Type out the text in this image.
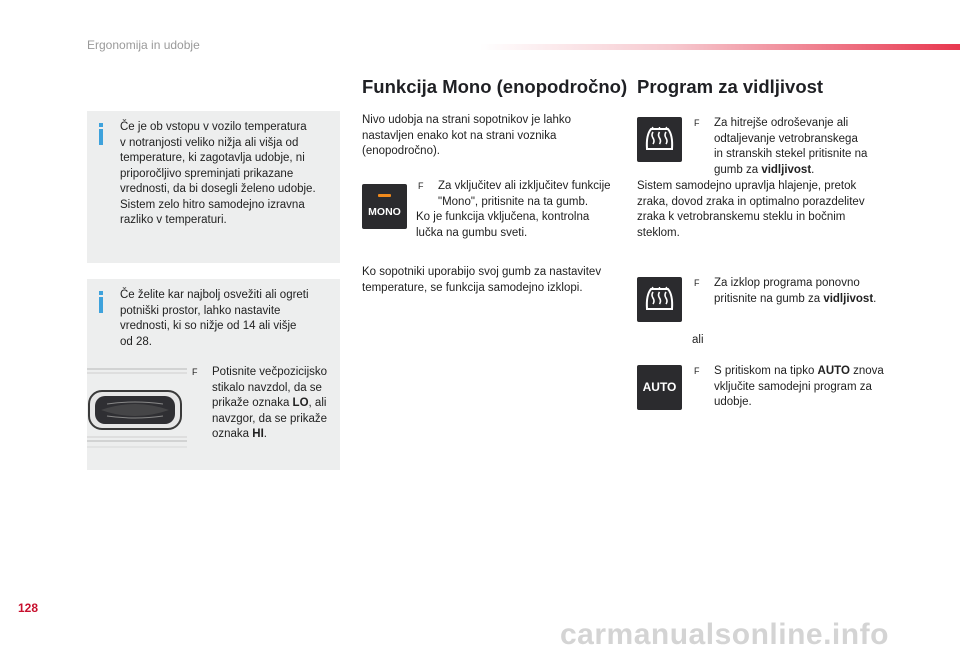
Ergonomija in udobje
Če je ob vstopu v vozilo temperatura
v notranjosti veliko nižja ali višja od
temperature, ki zagotavlja udobje, ni
priporočljivo spreminjati prikazane
vrednosti, da bi dosegli želeno udobje.
Sistem zelo hitro samodejno izravna
razliko v temperaturi.
Če želite kar najbolj osvežiti ali ogreti
potniški prostor, lahko nastavite
vrednosti, ki so nižje od 14 ali višje
od 28.
F Potisnite večpozicijsko
stikalo navzdol, da se
prikaže oznaka LO, ali
navzgor, da se prikaže
oznaka HI.
Funkcija Mono (enopodročno)
Nivo udobja na strani sopotnikov je lahko
nastavljen enako kot na strani voznika
(enopodročno).
MONO
F Za vključitev ali izključitev funkcije
"Mono", pritisnite na ta gumb.
Ko je funkcija vključena, kontrolna
lučka na gumbu sveti.
Ko sopotniki uporabijo svoj gumb za nastavitev
temperature, se funkcija samodejno izklopi.
Program za vidljivost
F Za hitrejše odroševanje ali
odtaljevanje vetrobranskega
in stranskih stekel pritisnite na
gumb za vidljivost.
Sistem samodejno upravlja hlajenje, pretok
zraka, dovod zraka in optimalno porazdelitev
zraka k vetrobranskemu steklu in bočnim
steklom.
F Za izklop programa ponovno
pritisnite na gumb za vidljivost.
ali
AUTO
F S pritiskom na tipko AUTO znova
vključite samodejni program za
udobje.
128
carmanualsonline.info
